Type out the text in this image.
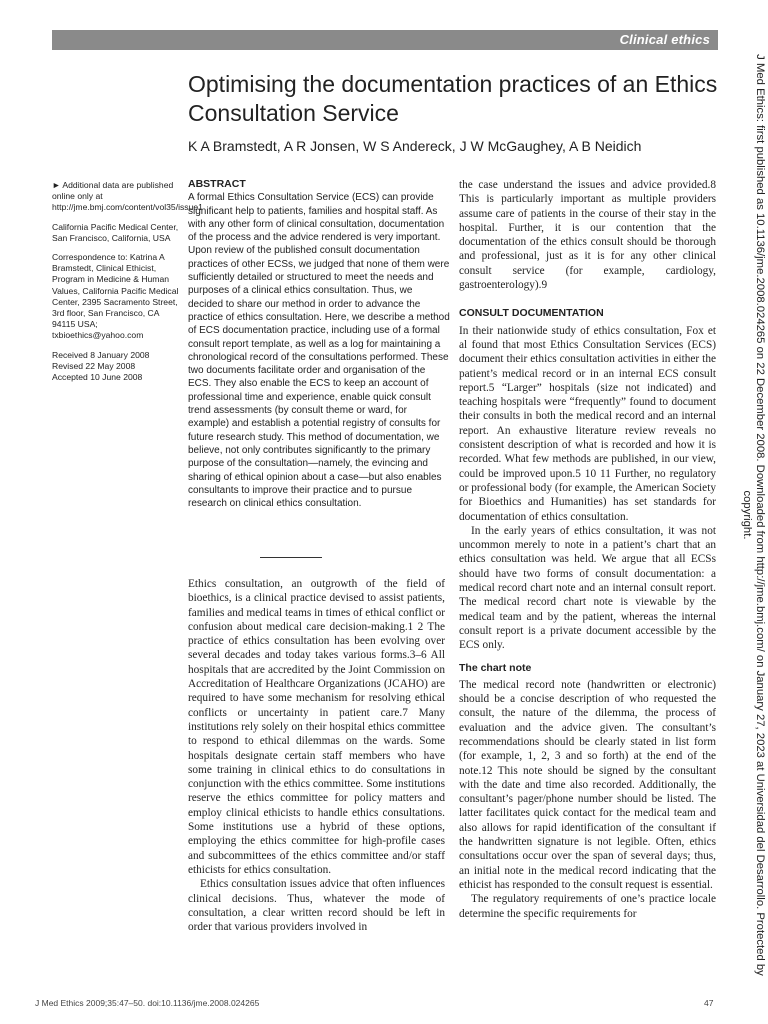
Clinical ethics
Optimising the documentation practices of an Ethics Consultation Service
K A Bramstedt, A R Jonsen, W S Andereck, J W McGaughey, A B Neidich

► Additional data are published online only at http://jme.bmj.com/content/vol35/issue1

California Pacific Medical Center, San Francisco, California, USA

Correspondence to: Katrina A Bramstedt, Clinical Ethicist, Program in Medicine & Human Values, California Pacific Medical Center, 2395 Sacramento Street, 3rd floor, San Francisco, CA 94115 USA; txbioethics@yahoo.com

Received 8 January 2008
Revised 22 May 2008
Accepted 10 June 2008

ABSTRACT
A formal Ethics Consultation Service (ECS) can provide significant help to patients, families and hospital staff. As with any other form of clinical consultation, documentation of the process and the advice rendered is very important. Upon review of the published consult documentation practices of other ECSs, we judged that none of them were sufficiently detailed or structured to meet the needs and purposes of a clinical ethics consultation. Thus, we decided to share our method in order to advance the practice of ethics consultation. Here, we describe a method of ECS documentation practice, including use of a formal consult report template, as well as a log for maintaining a chronological record of the consultations performed. These two documents facilitate order and organisation of the ECS. They also enable the ECS to keep an account of professional time and experience, enable quick consult trend assessments (by consult theme or ward, for example) and establish a potential registry of consults for future research study. This method of documentation, we believe, not only contributes significantly to the primary purpose of the consultation—namely, the evincing and sharing of ethical opinion about a case—but also enables consultants to improve their practice and to pursue research on clinical ethics consultation.

Ethics consultation, an outgrowth of the field of bioethics, is a clinical practice devised to assist patients, families and medical teams in times of ethical conflict or confusion about medical care decision-making.1 2 The practice of ethics consultation has been evolving over several decades and today takes various forms.3–6 All hospitals that are accredited by the Joint Commission on Accreditation of Healthcare Organizations (JCAHO) are required to have some mechanism for resolving ethical conflicts or uncertainty in patient care.7 Many institutions rely solely on their hospital ethics committee to respond to ethical dilemmas on the wards. Some hospitals designate certain staff members who have some training in clinical ethics to do consultations in conjunction with the ethics committee. Some institutions reserve the ethics committee for policy matters and employ clinical ethicists to handle ethics consultations. Some institutions use a hybrid of these options, employing the ethics committee for high-profile cases and subcommittees of the ethics committee and/or staff ethicists for ethics consultation.

Ethics consultation issues advice that often influences clinical decisions. Thus, whatever the mode of consultation, a clear written record should be left in order that various providers involved in

the case understand the issues and advice provided.8 This is particularly important as multiple providers assume care of patients in the course of their stay in the hospital. Further, it is our contention that the documentation of the ethics consult should be thorough and professional, just as it is for any other clinical consult service (for example, cardiology, gastroenterology).9

CONSULT DOCUMENTATION

In their nationwide study of ethics consultation, Fox et al found that most Ethics Consultation Services (ECS) document their ethics consultation activities in either the patient’s medical record or in an internal ECS consult report.5 “Larger” hospitals (size not indicated) and teaching hospitals were “frequently” found to document their consults in both the medical record and an internal report. An exhaustive literature review reveals no consistent description of what is recorded and how it is recorded. What few methods are published, in our view, could be improved upon.5 10 11 Further, no regulatory or professional body (for example, the American Society for Bioethics and Humanities) has set standards for documentation of ethics consultation.

In the early years of ethics consultation, it was not uncommon merely to note in a patient’s chart that an ethics consultation was held. We argue that all ECSs should have two forms of consult documentation: a medical record chart note and an internal consult report. The medical record chart note is viewable by the medical team and by the patient, whereas the internal consult report is a private document accessible by the ECS only.

The chart note

The medical record note (handwritten or electronic) should be a concise description of who requested the consult, the nature of the dilemma, the process of evaluation and the advice given. The consultant’s recommendations should be clearly stated in list form (for example, 1, 2, 3 and so forth) at the end of the note.12 This note should be signed by the consultant with the date and time also recorded. Additionally, the consultant’s pager/phone number should be listed. The latter facilitates quick contact for the medical team and also allows for rapid identification of the consultant if the handwritten signature is not legible. Often, ethics consultations occur over the span of several days; thus, an initial note in the medical record indicating that the ethicist has responded to the consult request is essential.

The regulatory requirements of one’s practice locale determine the specific requirements for

J Med Ethics 2009;35:47–50. doi:10.1136/jme.2008.024265	47
J Med Ethics: first published as 10.1136/jme.2008.024265 on 22 December 2008. Downloaded from http://jme.bmj.com/ on January 27, 2023 at Universidad del Desarrollo. Protected by copyright.
